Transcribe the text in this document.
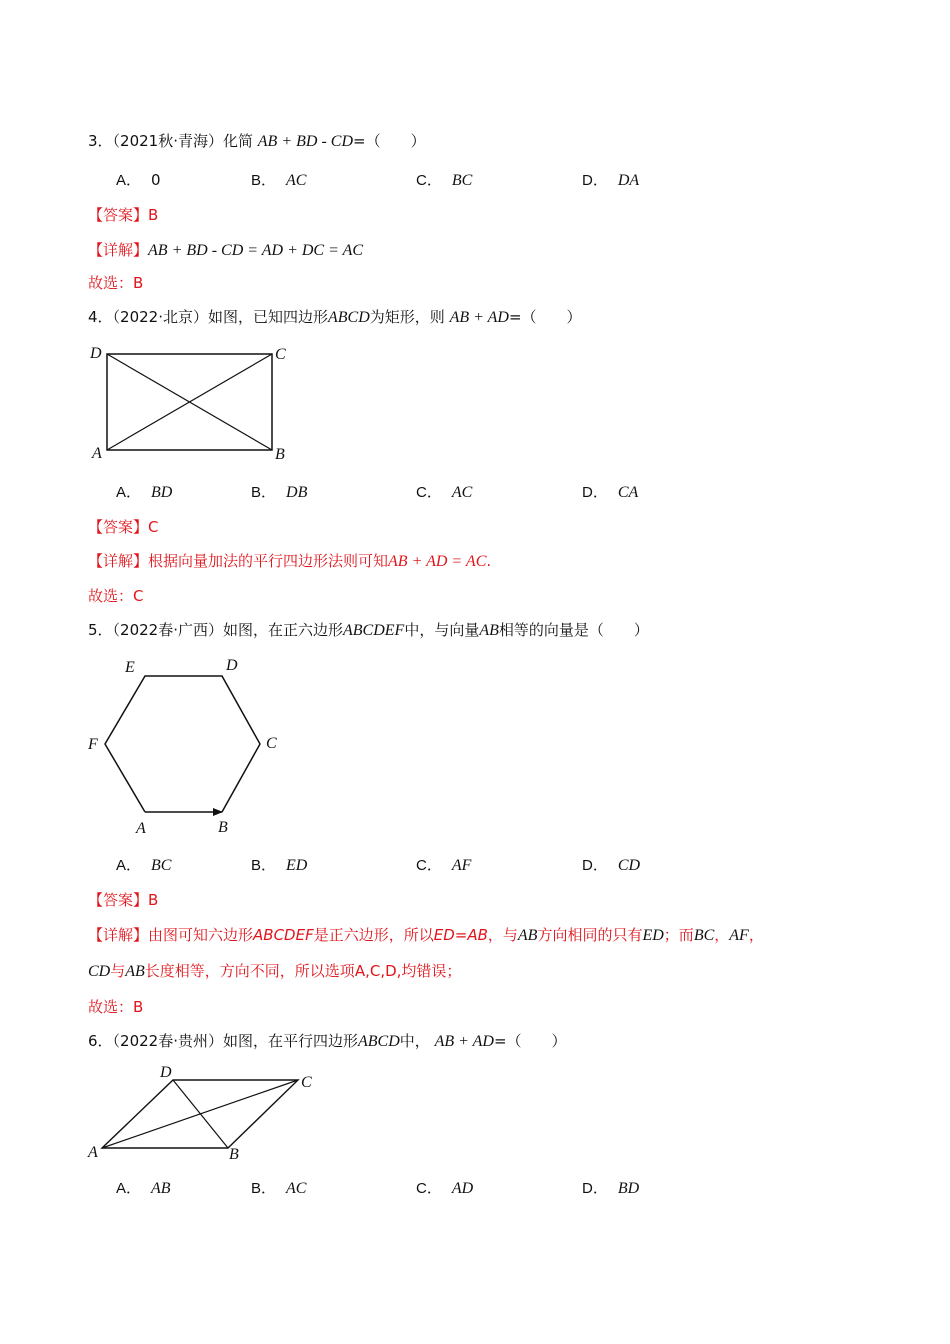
3．（2021秋·青海）化简 AB + BD - CD=（　　）
A． 0	B． AC	C． BC	D． DA
【答案】B
【详解】AB + BD - CD = AD + DC = AC
故选：B
4．（2022·北京）如图，已知四边形ABCD为矩形，则 AB + AD=（　　）
D	C
A	B
A． BD	B． DB	C． AC	D． CA
【答案】C
【详解】根据向量加法的平行四边形法则可知AB + AD = AC.
故选：C
5．（2022春·广西）如图，在正六边形ABCDEF中，与向量AB相等的向量是（　　）
E	D
F	C
A	B
A． BC	B． ED	C． AF	D． CD
【答案】B
【详解】由图可知六边形ABCDEF是正六边形，所以ED=AB，与AB方向相同的只有ED；而BC，AF，
CD与AB长度相等，方向不同，所以选项A,C,D,均错误；
故选：B
6．（2022春·贵州）如图，在平行四边形ABCD中， AB + AD=（　　）
D
C
A	B
A． AB	B． AC	C． AD	D． BD
